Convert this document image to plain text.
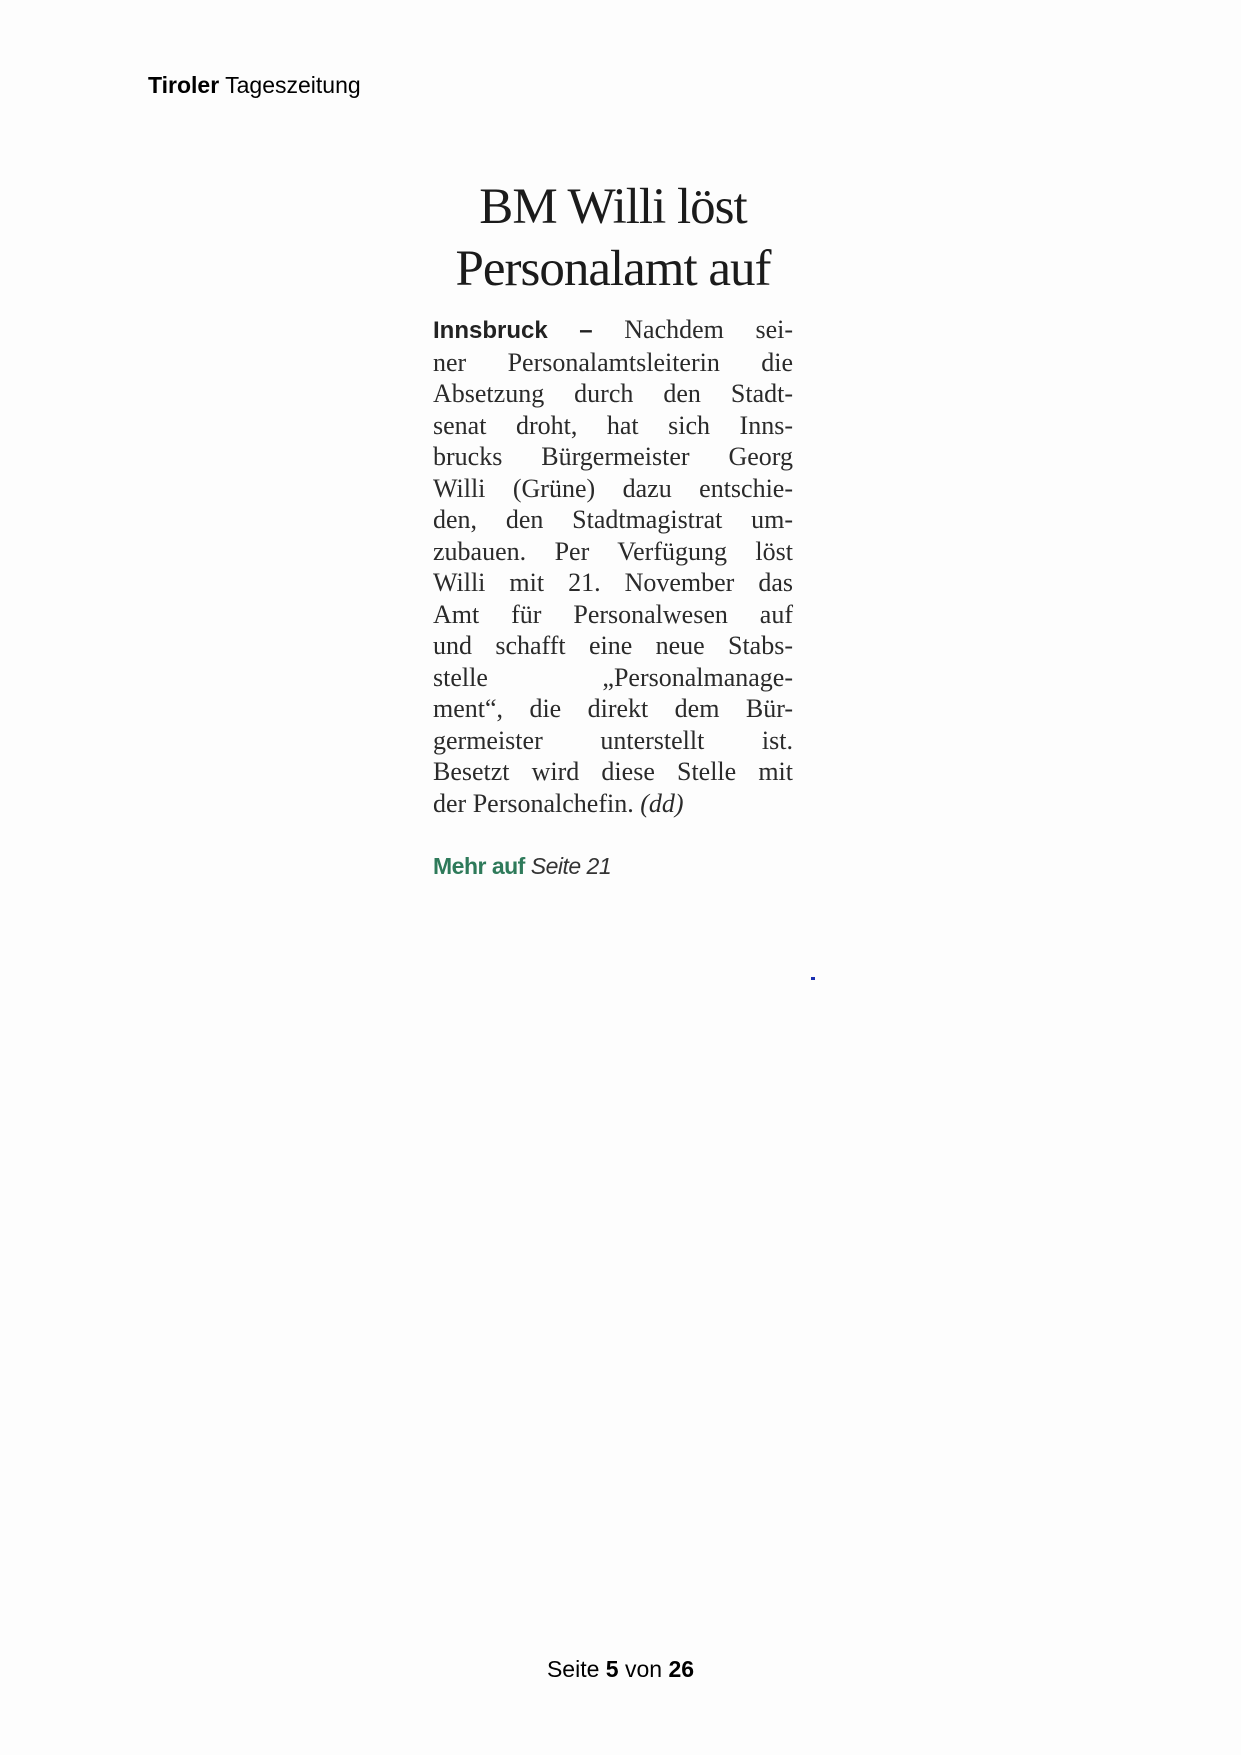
Tiroler Tageszeitung
BM Willi löst
Personalamt auf
Innsbruck – Nachdem sei-
ner Personalamtsleiterin die
Absetzung durch den Stadt-
senat droht, hat sich Inns-
brucks Bürgermeister Georg
Willi (Grüne) dazu entschie-
den, den Stadtmagistrat um-
zubauen. Per Verfügung löst
Willi mit 21. November das
Amt für Personalwesen auf
und schafft eine neue Stabs-
stelle „Personalmanage-
ment“, die direkt dem Bür-
germeister unterstellt ist.
Besetzt wird diese Stelle mit
der Personalchefin. (dd)
Mehr auf Seite 21
Seite 5 von 26
